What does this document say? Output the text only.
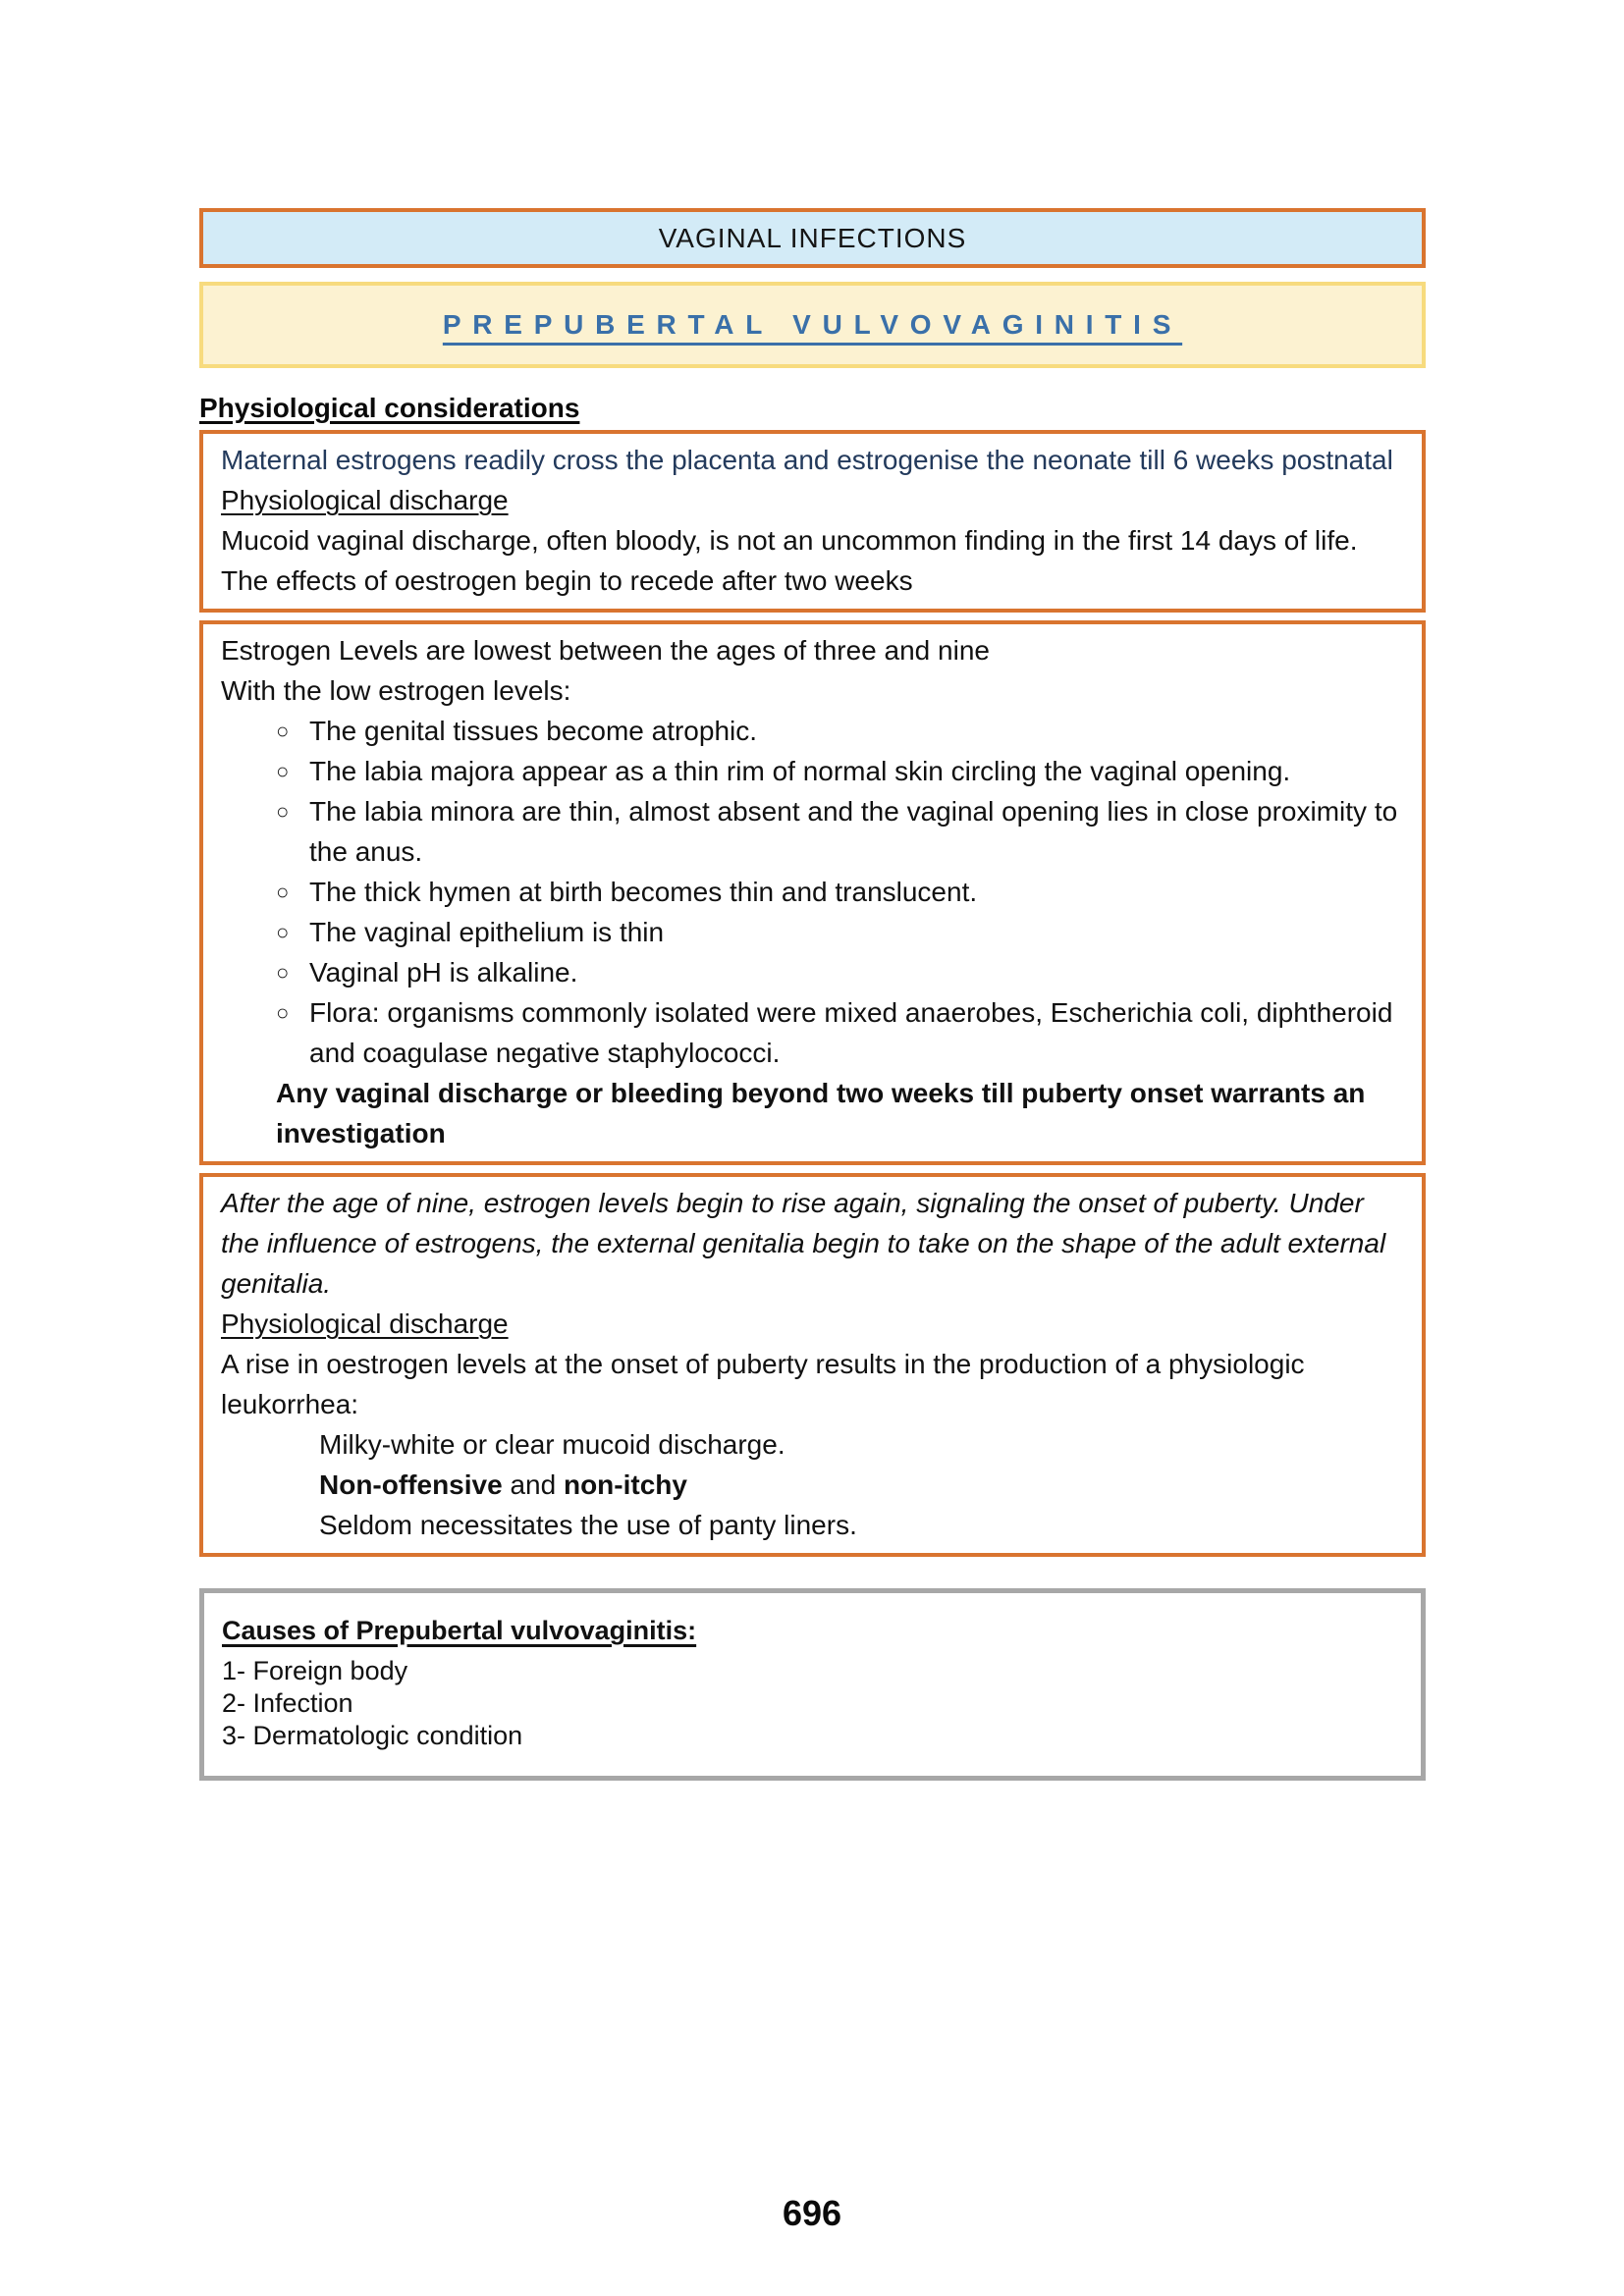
VAGINAL INFECTIONS
PREPUBERTAL VULVOVAGINITIS
Physiological considerations
Maternal estrogens readily cross the placenta and estrogenise the neonate till 6 weeks postnatal
Physiological discharge
Mucoid vaginal discharge, often bloody, is not an uncommon finding in the first 14 days of life. The effects of oestrogen begin to recede after two weeks
Estrogen Levels are lowest between the ages of three and nine
With the low estrogen levels:
○ The genital tissues become atrophic.
○ The labia majora appear as a thin rim of normal skin circling the vaginal opening.
○ The labia minora are thin, almost absent and the vaginal opening lies in close proximity to the anus.
○ The thick hymen at birth becomes thin and translucent.
○ The vaginal epithelium is thin
○ Vaginal pH is alkaline.
○ Flora: organisms commonly isolated were mixed anaerobes, Escherichia coli, diphtheroid and coagulase negative staphylococci.
Any vaginal discharge or bleeding beyond two weeks till puberty onset warrants an investigation
After the age of nine, estrogen levels begin to rise again, signaling the onset of puberty. Under the influence of estrogens, the external genitalia begin to take on the shape of the adult external genitalia.
Physiological discharge
A rise in oestrogen levels at the onset of puberty results in the production of a physiologic leukorrhea:
Milky-white or clear mucoid discharge.
Non-offensive and non-itchy
Seldom necessitates the use of panty liners.
Causes of Prepubertal vulvovaginitis:
1- Foreign body
2- Infection
3- Dermatologic condition
696
